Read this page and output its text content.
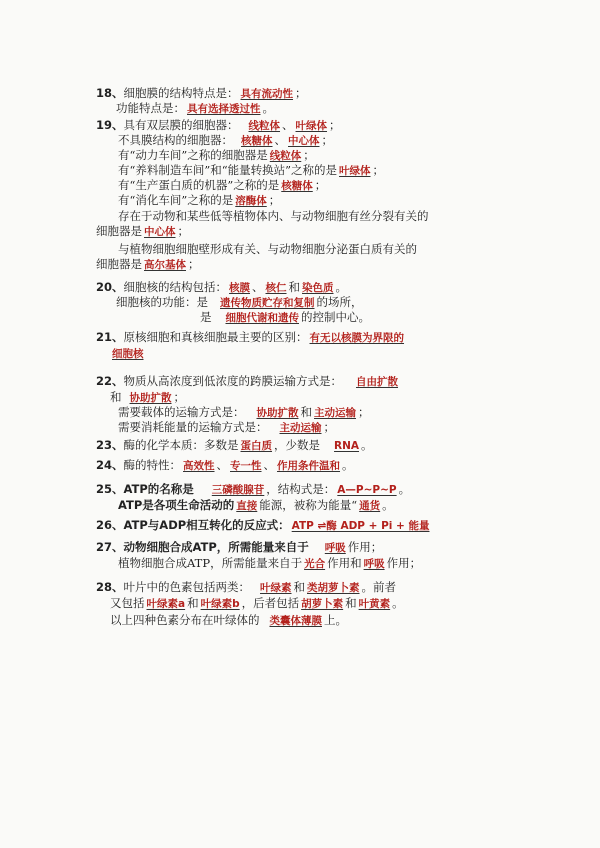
18、细胞膜的结构特点是： 具有流动性 ；
功能特点是： 具有选择透过性 。
19、具有双层膜的细胞器： 线粒体 、 叶绿体 ；
不具膜结构的细胞器： 核糖体 、 中心体 ；
有“动力车间”之称的细胞器是 线粒体 ；
有“养料制造车间”和“能量转换站”之称的是 叶绿体 ；
有“生产蛋白质的机器”之称的是 核糖体 ；
有“消化车间”之称的是 溶酶体 ；
存在于动物和某些低等植物体内、与动物细胞有丝分裂有关的
细胞器是 中心体 ；
与植物细胞细胞壁形成有关、与动物细胞分泌蛋白质有关的
细胞器是 高尔基体 ；
20、细胞核的结构包括： 核膜 、 核仁 和 染色质 。
细胞核的功能：是 遗传物质贮存和复制 的场所，
是 细胞代谢和遗传 的控制中心。
21、原核细胞和真核细胞最主要的区别： 有无以核膜为界限的
细胞核
22、物质从高浓度到低浓度的跨膜运输方式是： 自由扩散
和 协助扩散 ；
需要载体的运输方式是： 协助扩散 和 主动运输 ；
需要消耗能量的运输方式是： 主动运输 ；
23、酶的化学本质：多数是 蛋白质 ，少数是 RNA 。
24、酶的特性： 高效性 、 专一性 、 作用条件温和 。
25、ATP的名称是 三磷酸腺苷 ，结构式是： A—P~P~P 。
ATP是各项生命活动的 直接 能源，被称为能量“ 通货 。
26、ATP与ADP相互转化的反应式： ATP ⇌酶 ADP + Pi + 能量
27、动物细胞合成ATP，所需能量来自于 呼吸 作用；
植物细胞合成ATP，所需能量来自于 光合 作用和 呼吸 作用；
28、叶片中的色素包括两类： 叶绿素 和 类胡萝卜素 。前者
又包括 叶绿素a 和 叶绿素b ，后者包括 胡萝卜素 和 叶黄素 。
以上四种色素分布在叶绿体的 类囊体薄膜 上。
